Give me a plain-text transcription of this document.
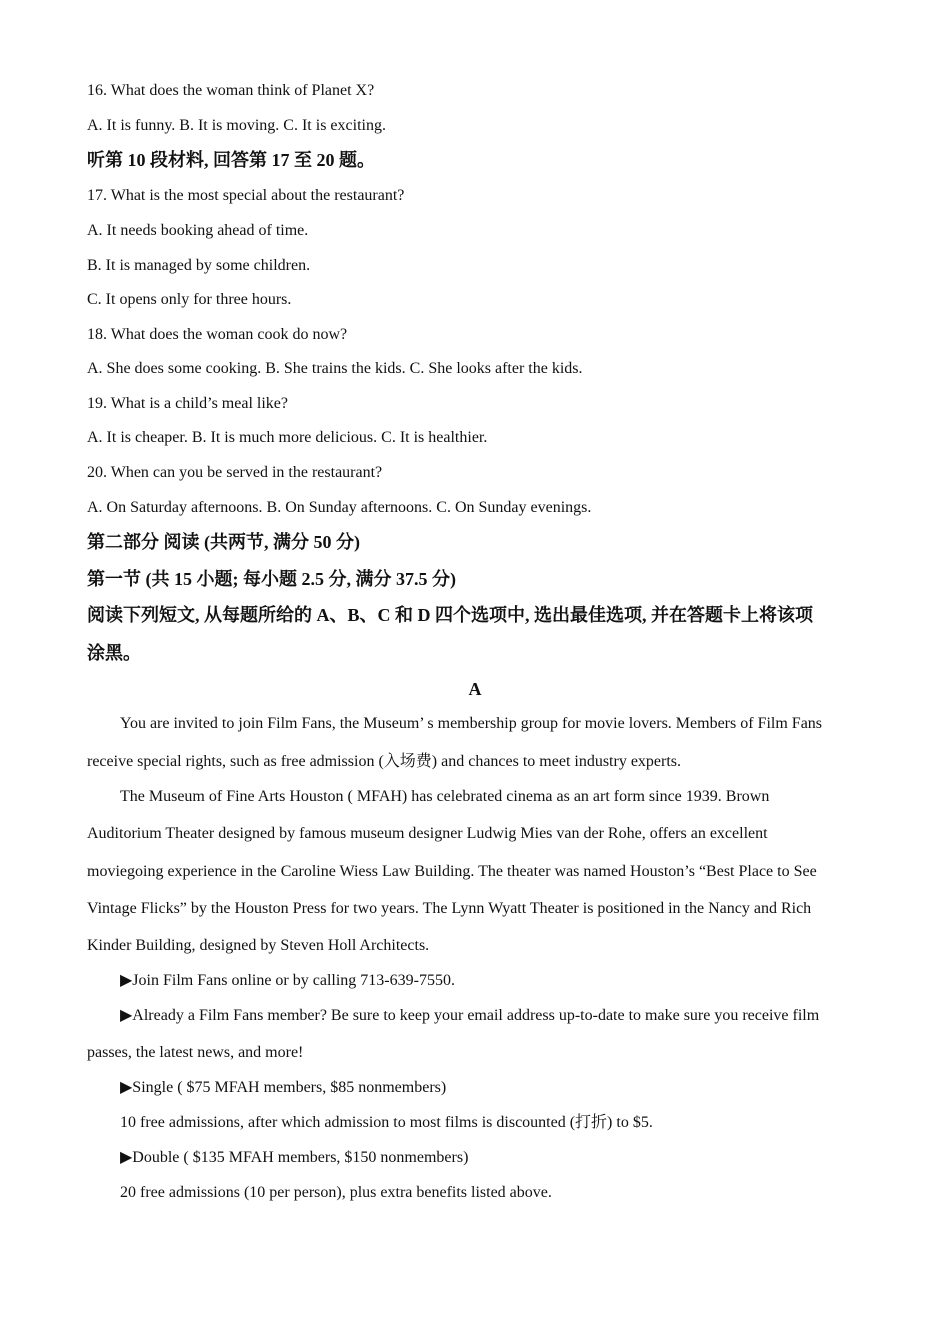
16. What does the woman think of Planet X?
A. It is funny. B. It is moving. C. It is exciting.
听第 10 段材料, 回答第 17 至 20 题。
17. What is the most special about the restaurant?
A. It needs booking ahead of time.
B. It is managed by some children.
C. It opens only for three hours.
18. What does the woman cook do now?
A. She does some cooking. B. She trains the kids. C. She looks after the kids.
19. What is a child’s meal like?
A. It is cheaper. B. It is much more delicious. C. It is healthier.
20. When can you be served in the restaurant?
A. On Saturday afternoons. B. On Sunday afternoons. C. On Sunday evenings.
第二部分 阅读 (共两节, 满分 50 分)
第一节 (共 15 小题; 每小题 2.5 分, 满分 37.5 分)
阅读下列短文, 从每题所给的 A、B、C 和 D 四个选项中, 选出最佳选项, 并在答题卡上将该项
涂黑。
A
You are invited to join Film Fans, the Museum’ s membership group for movie lovers. Members of Film Fans
receive special rights, such as free admission (入场费) and chances to meet industry experts.
The Museum of Fine Arts Houston ( MFAH) has celebrated cinema as an art form since 1939. Brown
Auditorium Theater designed by famous museum designer Ludwig Mies van der Rohe, offers an excellent
moviegoing experience in the Caroline Wiess Law Building. The theater was named Houston’s “Best Place to See
Vintage Flicks” by the Houston Press for two years. The Lynn Wyatt Theater is positioned in the Nancy and Rich
Kinder Building, designed by Steven Holl Architects.
▶Join Film Fans online or by calling 713-639-7550.
▶Already a Film Fans member? Be sure to keep your email address up-to-date to make sure you receive film
passes, the latest news, and more!
▶Single ( $75 MFAH members, $85 nonmembers)
10 free admissions, after which admission to most films is discounted (打折) to $5.
▶Double ( $135 MFAH members, $150 nonmembers)
20 free admissions (10 per person), plus extra benefits listed above.
